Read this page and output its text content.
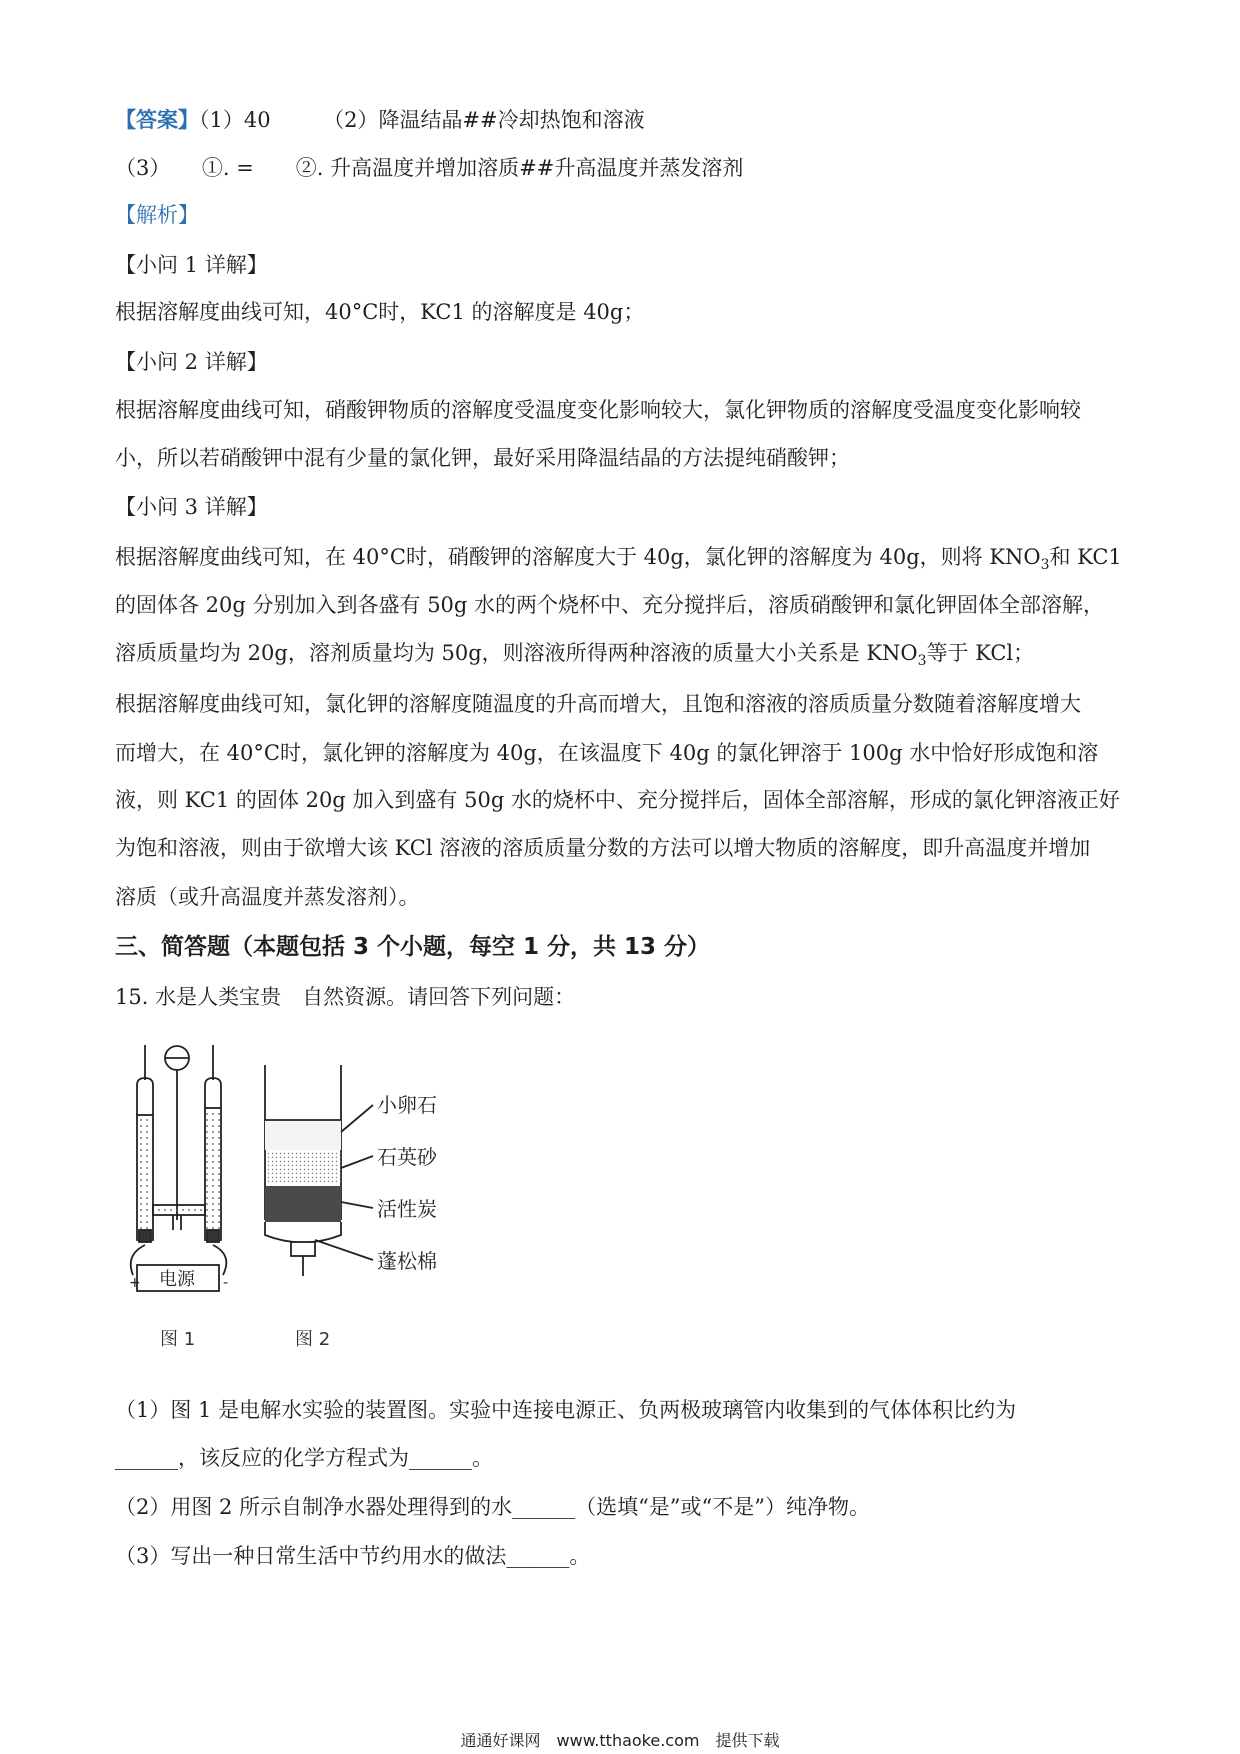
【答案】（1）40　　　（2）降温结晶##冷却热饱和溶液
（3）　　①. =　　②. 升高温度并增加溶质##升高温度并蒸发溶剂
【解析】
【小问 1 详解】
根据溶解度曲线可知，40°C时，KC1 的溶解度是 40g；
【小问 2 详解】
根据溶解度曲线可知，硝酸钾物质的溶解度受温度变化影响较大，氯化钾物质的溶解度受温度变化影响较
小，所以若硝酸钾中混有少量的氯化钾，最好采用降温结晶的方法提纯硝酸钾；
【小问 3 详解】
根据溶解度曲线可知，在 40°C时，硝酸钾的溶解度大于 40g，氯化钾的溶解度为 40g，则将 $KNO_3$和 KC1
的固体各 20g 分别加入到各盛有 50g 水的两个烧杯中、充分搅拌后，溶质硝酸钾和氯化钾固体全部溶解，
溶质质量均为 20g，溶剂质量均为 50g，则溶液所得两种溶液的质量大小关系是 $KNO_3$等于 KCl；
根据溶解度曲线可知，氯化钾的溶解度随温度的升高而增大，且饱和溶液的溶质质量分数随着溶解度增大
而增大，在 40°C时，氯化钾的溶解度为 40g，在该温度下 40g 的氯化钾溶于 100g 水中恰好形成饱和溶
液，则 KC1 的固体 20g 加入到盛有 50g 水的烧杯中、充分搅拌后，固体全部溶解，形成的氯化钾溶液正好
为饱和溶液，则由于欲增大该 KCl 溶液的溶质质量分数的方法可以增大物质的溶解度，即升高温度并增加
溶质（或升高温度并蒸发溶剂）。
三、简答题（本题包括 3 个小题，每空 1 分，共 13 分）
15. 水是人类宝贵　自然资源。请回答下列问题：
+	-
电源
图 1
小卵石
石英砂
活性炭
蓬松棉
图 2
（1）图 1 是电解水实验的装置图。实验中连接电源正、负两极玻璃管内收集到的气体体积比约为
______，该反应的化学方程式为______。
（2）用图 2 所示自制净水器处理得到的水______（选填“是”或“不是”）纯净物。
（3）写出一种日常生活中节约用水的做法______。
通通好课网　www.tthaoke.com　提供下载
